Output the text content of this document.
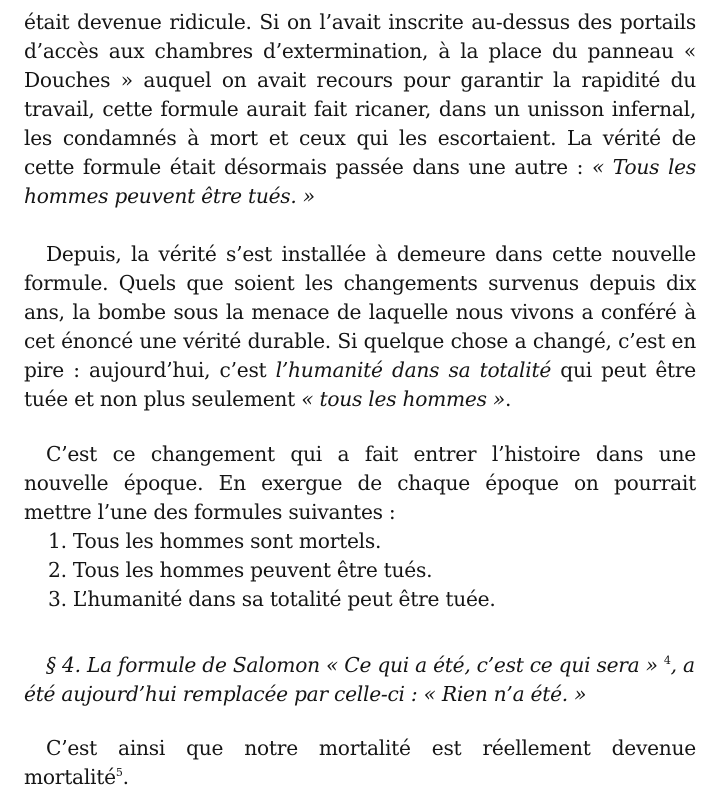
était devenue ridicule. Si on l’avait inscrite au-dessus des portails d’accès aux chambres d’extermination, à la place du panneau « Douches » auquel on avait recours pour garantir la rapidité du travail, cette formule aurait fait ricaner, dans un unisson infernal, les condamnés à mort et ceux qui les escortaient. La vérité de cette formule était désormais passée dans une autre : « Tous les hommes peuvent être tués. »

Depuis, la vérité s’est installée à demeure dans cette nouvelle formule. Quels que soient les changements survenus depuis dix ans, la bombe sous la menace de laquelle nous vivons a conféré à cet énoncé une vérité durable. Si quelque chose a changé, c’est en pire : aujourd’hui, c’est l’humanité dans sa totalité qui peut être tuée et non plus seulement « tous les hommes ».

C’est ce changement qui a fait entrer l’histoire dans une nouvelle époque. En exergue de chaque époque on pourrait mettre l’une des formules suivantes :

1. Tous les hommes sont mortels.
2. Tous les hommes peuvent être tués.
3. L’humanité dans sa totalité peut être tuée.

§ 4. La formule de Salomon « Ce qui a été, c’est ce qui sera » $^4$, a été aujourd’hui remplacée par celle-ci : « Rien n’a été. »

C’est ainsi que notre mortalité est réellement devenue mortalité$^5$.
